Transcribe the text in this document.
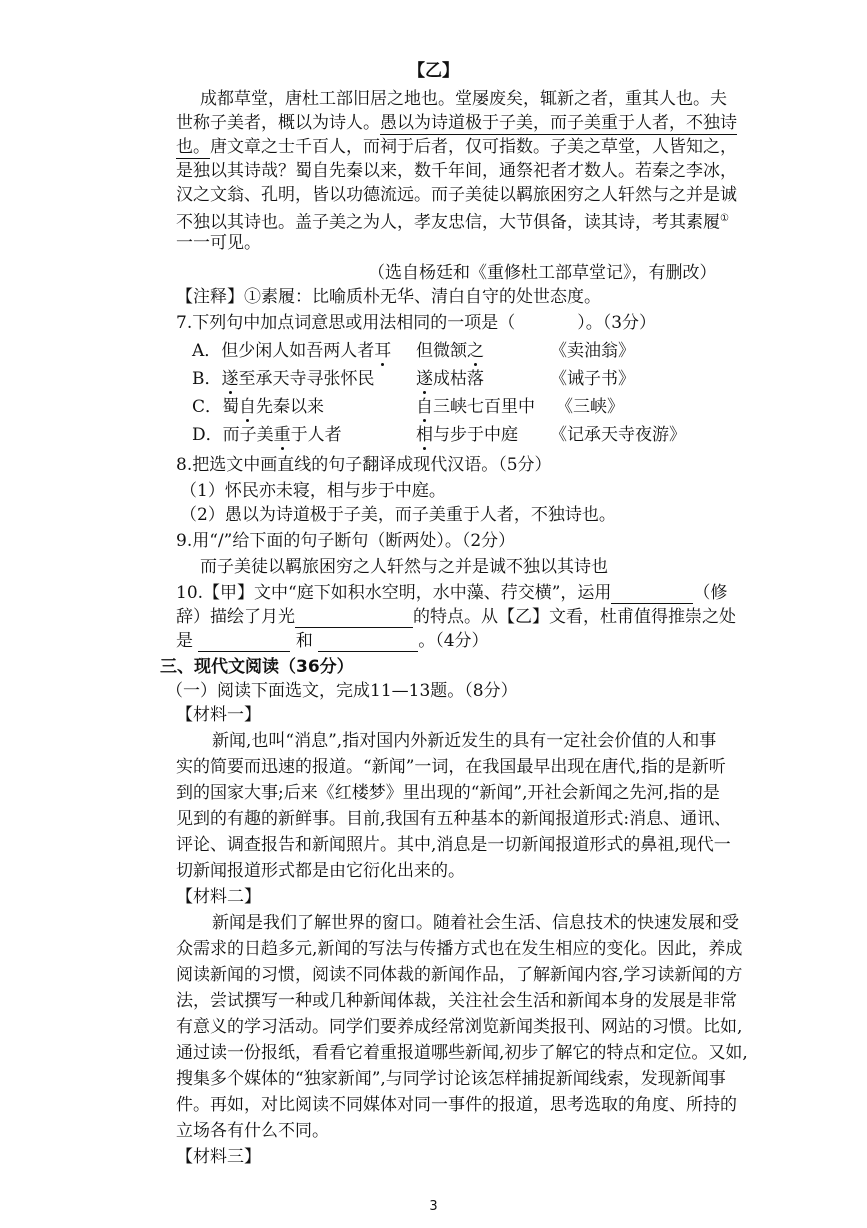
【乙】
成都草堂，唐杜工部旧居之地也。堂屡废矣，辄新之者，重其人也。夫
世称子美者，概以为诗人。愚以为诗道极于子美，而子美重于人者，不独诗
也。唐文章之士千百人，而祠于后者，仅可指数。子美之草堂，人皆知之，
是独以其诗哉？蜀自先秦以来，数千年间，通祭祀者才数人。若秦之李冰，
汉之文翁、孔明，皆以功德流远。而子美徒以羁旅困穷之人轩然与之并是诚
不独以其诗也。盖子美之为人，孝友忠信，大节俱备，读其诗，考其素履①
一一可见。
（选自杨廷和《重修杜工部草堂记》，有删改）
【注释】①素履：比喻质朴无华、清白自守的处世态度。
7.下列句中加点词意思或用法相同的一项是（	）。（3分）
A．但少闲人如吾两人者耳 但微颔之	《卖油翁》
B．遂至承天寺寻张怀民 遂成枯落	《诫子书》
C．蜀自先秦以来	自三峡七百里中 《三峡》
D．而子美重于人者	相与步于中庭 《记承天寺夜游》
8.把选文中画直线的句子翻译成现代汉语。（5分）
（1）怀民亦未寝，相与步于中庭。
（2）愚以为诗道极于子美，而子美重于人者，不独诗也。
9.用“/”给下面的句子断句（断两处）。（2分）
而子美徒以羁旅困穷之人轩然与之并是诚不独以其诗也
10.【甲】文中“庭下如积水空明，水中藻、荇交横”，运用	（修
辞）描绘了月光	的特点。从【乙】文看，杜甫值得推崇之处
是	和	。（4分）
三、现代文阅读（36分）
（一）阅读下面选文，完成11—13题。（8分）
【材料一】
新闻,也叫“消息”,指对国内外新近发生的具有一定社会价值的人和事
实的简要而迅速的报道。“新闻”一词，在我国最早出现在唐代,指的是新听
到的国家大事;后来《红楼梦》里出现的“新闻”,开社会新闻之先河,指的是
见到的有趣的新鲜事。目前,我国有五种基本的新闻报道形式:消息、通讯、
评论、调查报告和新闻照片。其中,消息是一切新闻报道形式的鼻祖,现代一
切新闻报道形式都是由它衍化出来的。
【材料二】
新闻是我们了解世界的窗口。随着社会生活、信息技术的快速发展和受
众需求的日趋多元,新闻的写法与传播方式也在发生相应的变化。因此，养成
阅读新闻的习惯，阅读不同体裁的新闻作品，了解新闻内容,学习读新闻的方
法，尝试撰写一种或几种新闻体裁，关注社会生活和新闻本身的发展是非常
有意义的学习活动。同学们要养成经常浏览新闻类报刊、网站的习惯。比如,
通过读一份报纸，看看它着重报道哪些新闻,初步了解它的特点和定位。又如,
搜集多个媒体的“独家新闻”,与同学讨论该怎样捕捉新闻线索，发现新闻事
件。再如，对比阅读不同媒体对同一事件的报道，思考选取的角度、所持的
立场各有什么不同。
【材料三】
3
